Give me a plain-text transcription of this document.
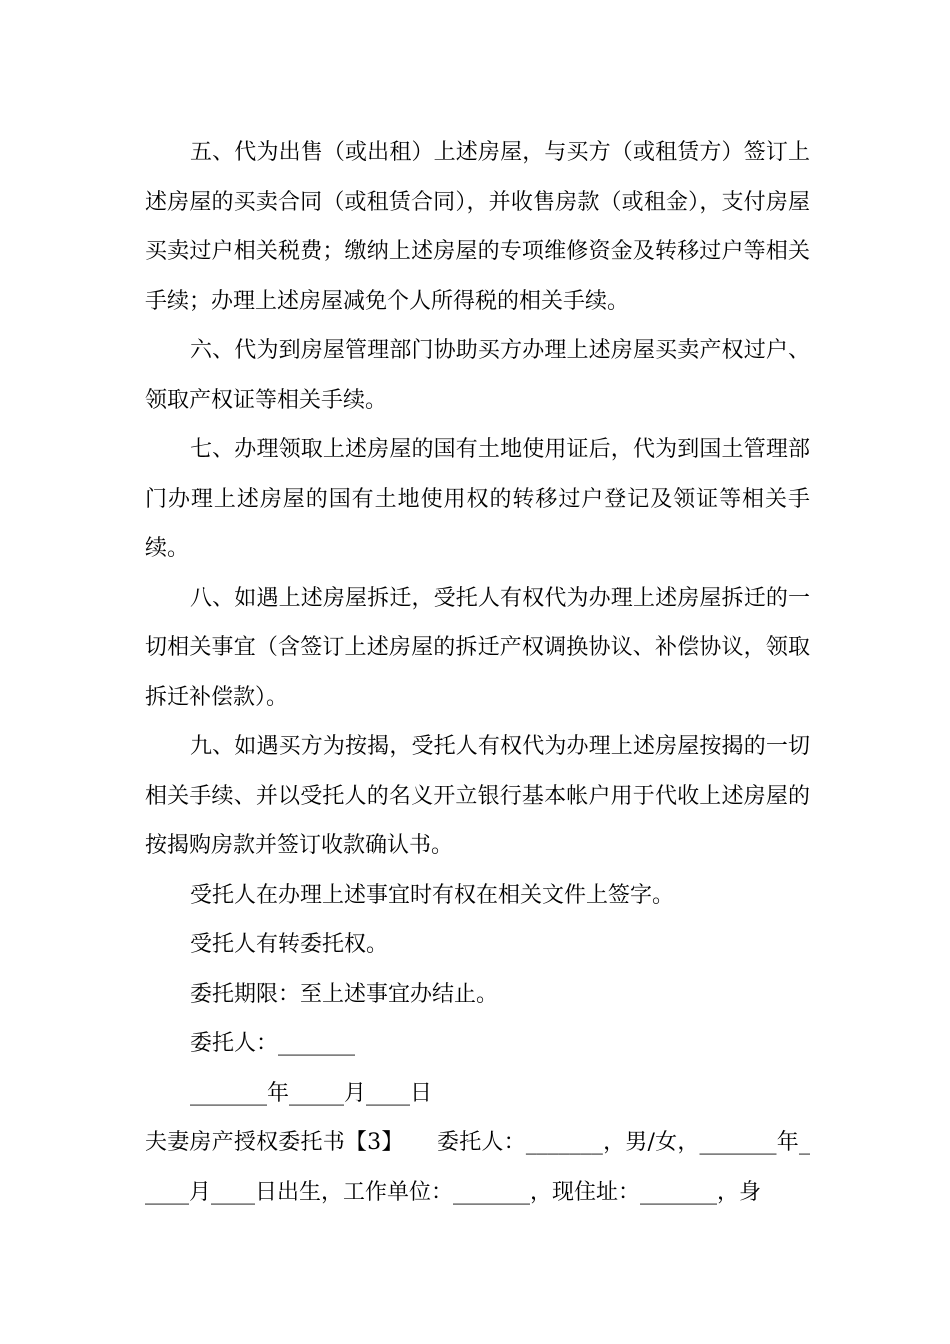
五、代为出售（或出租）上述房屋，与买方（或租赁方）签订上述房屋的买卖合同（或租赁合同），并收售房款（或租金），支付房屋买卖过户相关税费；缴纳上述房屋的专项维修资金及转移过户等相关手续；办理上述房屋减免个人所得税的相关手续。

六、代为到房屋管理部门协助买方办理上述房屋买卖产权过户、领取产权证等相关手续。

七、办理领取上述房屋的国有土地使用证后，代为到国土管理部门办理上述房屋的国有土地使用权的转移过户登记及领证等相关手续。

八、如遇上述房屋拆迁，受托人有权代为办理上述房屋拆迁的一切相关事宜（含签订上述房屋的拆迁产权调换协议、补偿协议，领取拆迁补偿款）。

九、如遇买方为按揭，受托人有权代为办理上述房屋按揭的一切相关手续、并以受托人的名义开立银行基本帐户用于代收上述房屋的按揭购房款并签订收款确认书。

受托人在办理上述事宜时有权在相关文件上签字。

受托人有转委托权。

委托期限：至上述事宜办结止。

委托人：_______

_______年_____月____日

夫妻房产授权委托书【3】　　委托人：_______，男/女，_______年_____月____日出生，工作单位：_______，现住址：_______，身
